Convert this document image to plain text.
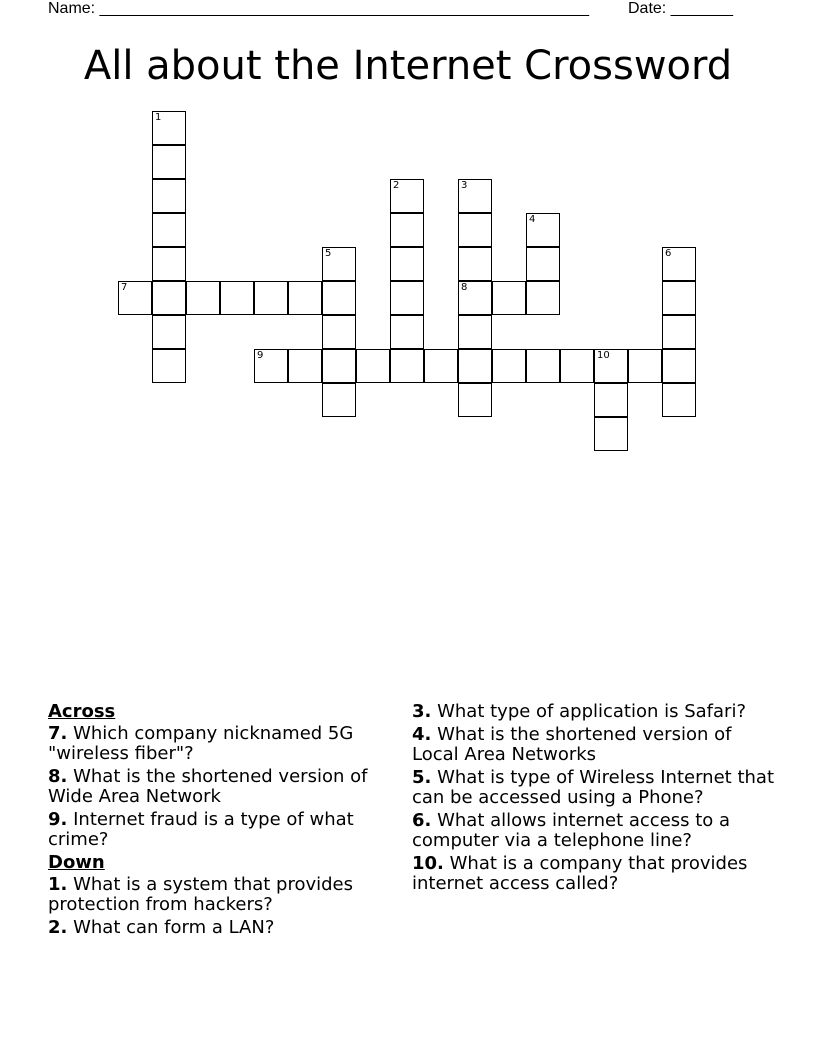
Name: _______________________________________________________ Date: _______
All about the Internet Crossword
1
7
5
2	3
8
4
6
9	10
Across
7. Which company nicknamed 5G "wireless fiber"?
8. What is the shortened version of Wide Area Network
9. Internet fraud is a type of what crime?
Down
1. What is a system that provides protection from hackers?
2. What can form a LAN?
3. What type of application is Safari?
4. What is the shortened version of Local Area Networks
5. What is type of Wireless Internet that can be accessed using a Phone?
6. What allows internet access to a computer via a telephone line?
10. What is a company that provides internet access called?
